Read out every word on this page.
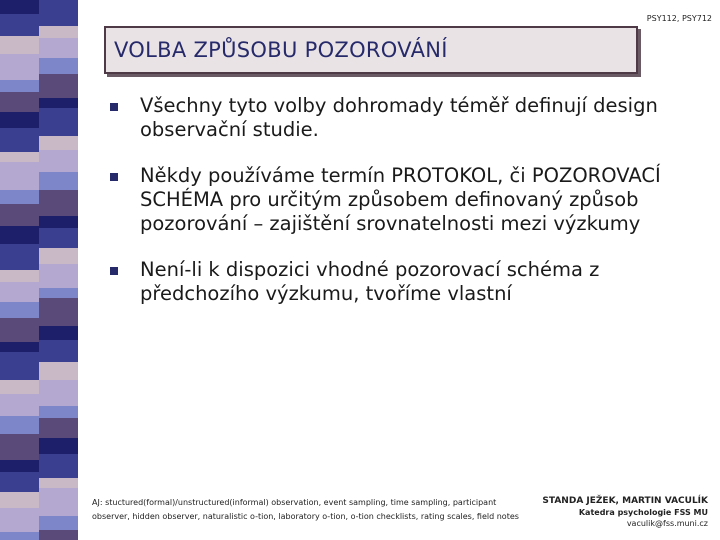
PSY112, PSY712
VOLBA ZPŮSOBU POZOROVÁNÍ
Všechny tyto volby dohromady téměř definují design observační studie.
Někdy používáme termín PROTOKOL, či POZOROVACÍ SCHÉMA pro určitým způsobem definovaný způsob pozorování – zajištění srovnatelnosti mezi výzkumy
Není-li k dispozici vhodné pozorovací schéma z předchozího výzkumu, tvoříme vlastní
AJ: stuctured(formal)/unstructured(informal) observation, event sampling, time sampling, participant
observer, hidden observer, naturalistic o-tion, laboratory o-tion, o-tion checklists, rating scales, field notes
STANDA JEŽEK, MARTIN VACULÍK
Katedra psychologie FSS MU
vaculik@fss.muni.cz
